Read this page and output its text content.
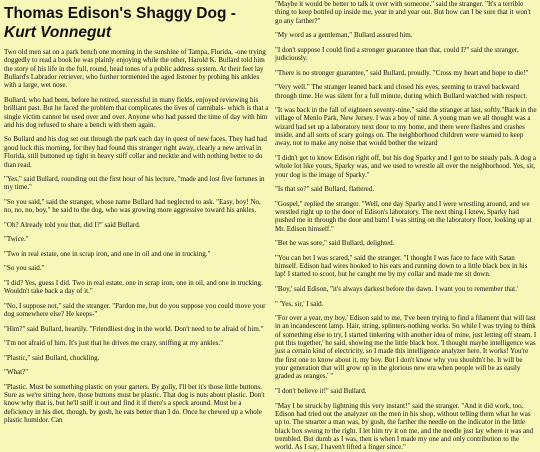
Thomas Edison's Shaggy Dog - Kurt Vonnegut

Two old men sat on a park bench one morning in the sunshine of Tampa, Florida, -one trying doggedly to read a book he was plainly enjoying while the other, Harold K. Bullard told him the story of his life in the full, round, head tones of a public address system. At their feet lay Bullard's Labrador retriever, who further tormented the aged listener by probing his ankles with a large, wet nose.

Bullard, who had been, before he retired, successful in many fields, enjoyed reviewing his brilliant past. But he faced the problem that complicates the lives of cannibals- which is that a single victim cannot be used over and over. Anyone who had passed the time of day with him and his dog refused to share a bench with them again.

So Bullard and his dog set out through the park each day in quest of new faces. They had had good luck this morning, for they had found this stranger right away, clearly a new arrival in Florida, still buttoned up tight in heavy stiff collar and necktie and with nothing better to do than read.

"Yes," said Bullard, rounding out the first hour of his lecture, "made and lost five fortunes in my time."

"So you said," said the stranger, whose name Bullard had neglected to ask. "Easy, boy! No, no, no, no, boy," he said to the dog, who was growing more aggressive toward his ankles.

"Oh? Already told you that, did I?" said Bullard.

"Twice."

"Two in real estate, one in scrap iron, and one in oil and one in trucking."

"So you said."

"I did? Yes, guess I did. Two in real estate, one in scrap iron, one in oil, and one in trucking. Wouldn't take back a day of it."

"No, I suppose not," said the stranger. "Pardon me, but do you suppose you could move your dog somewhere else? He keeps-"

"Him?" said Bullard, heartily. "Friendliest dog in the world. Don't need to be afraid of him."

"I'm not afraid of him. It's just that he drives me crazy, sniffing at my ankles."

"Plastic," said Bullard, chuckling.

"What?"

"Plastic. Must be something plastic on your garters. By golly, I'll bet it's those little buttons. Sure as we're sitting here, those buttons must be plastic. That dog is nuts about plastic. Don't know why that is, but he'll sniff it out and find it if there's a speck around. Must be a deficiency in his diet, though, by gosh, he eats better than I do. Once he chewed up a whole plastic humidor. Can

"Maybe it would be better to talk it over with someone," said the stranger. "It's a terrible thing to keep bottled up inside me, year in and year out. But how can I be sure that it won't go any farther?"

"My word as a gentleman," Bullard assured him.

"I don't suppose I could find a stronger guarantee than that, could I?" said the stranger, judiciously.

"There is no stronger guarantee," said Bullard, proudly. "Cross my heart and hope to die!"

"Very well." The stranger leaned back and closed his eyes, seeming to travel backward through time. He was silent for a full minute, during which Bullard watched with respect.

"It was back in the fall of eighteen seventy-nine," said the stranger at last, softly."Back in the village of Menlo Park, New Jersey. I was a boy of nine. A young man we all thought was a wizard had set up a laboratory next door to my home, and there were flashes and crashes inside, and all sorts of scary goings on. The neighborhood children were warned to keep away, not to make any noise that would bother the wizard

"I didn't get to know Edison right off, but his dog Sparky and I got to be steady pals. A dog a whole lot like yours, Sparky was, and we used to wrestle all over the neighborhood. Yes, sir, your dog is the image of Sparky."

"Is that so?" said Bullard, flattered.

"Gospel," replied the stranger. "Well, one day Sparky and I were wrestling around, and we wrestled right up to the door of Edison's laboratory. The next thing I knew, Sparky had pushed me in through the door and bam! I was sitting on the laboratory floor, looking up at Mr. Edison himself."

"Bet he was sore," said Bullard, delighted.

"You can bet I was scared," said the stranger. "I thought I was face to face with Satan himself. Edison had wires hooked to his ears and running down to a little black box in his lap! I started to scoot, but he caught me by my collar and made me sit down.

"Boy,' said Edison, "it's always darkest before the dawn. I want you to remember that.'

" 'Yes, sir,' I said.

"For over a year, my boy,' Edison said to me, 'I've been trying to find a filament that will last in an incandescent lamp. Hair, string, splinters-nothing works. So while I was trying to think of something else to try, I started tinkering with another idea of mine, just letting off steam. I put this together,' he said, showing me the little black box. 'I thought maybe intelligence was just a certain kind of electricity, so I made this intelligence analyzer here. It works! You're the first one to know about it, my boy. But I don't know why you shouldn't be. It will be your generation that will grow up in the glorious new era when people will be as easily graded as oranges.' "

"I don't believe it!" said Bullard.

"May I be struck by lightning this very instant!" said the stranger. "And it did work, too. Edison had tried out the analyzer on the men in his shop, without telling them what he was up to. The smarter a man was, by gosh, the farther the needle on the indicator in the little black box swung to the right. I let him try it on me, and the needle just lay where it was and trembled. But dumb as I was, then is when I made my one and only contribution to the world. As I say, I haven't lifted a finger since."
